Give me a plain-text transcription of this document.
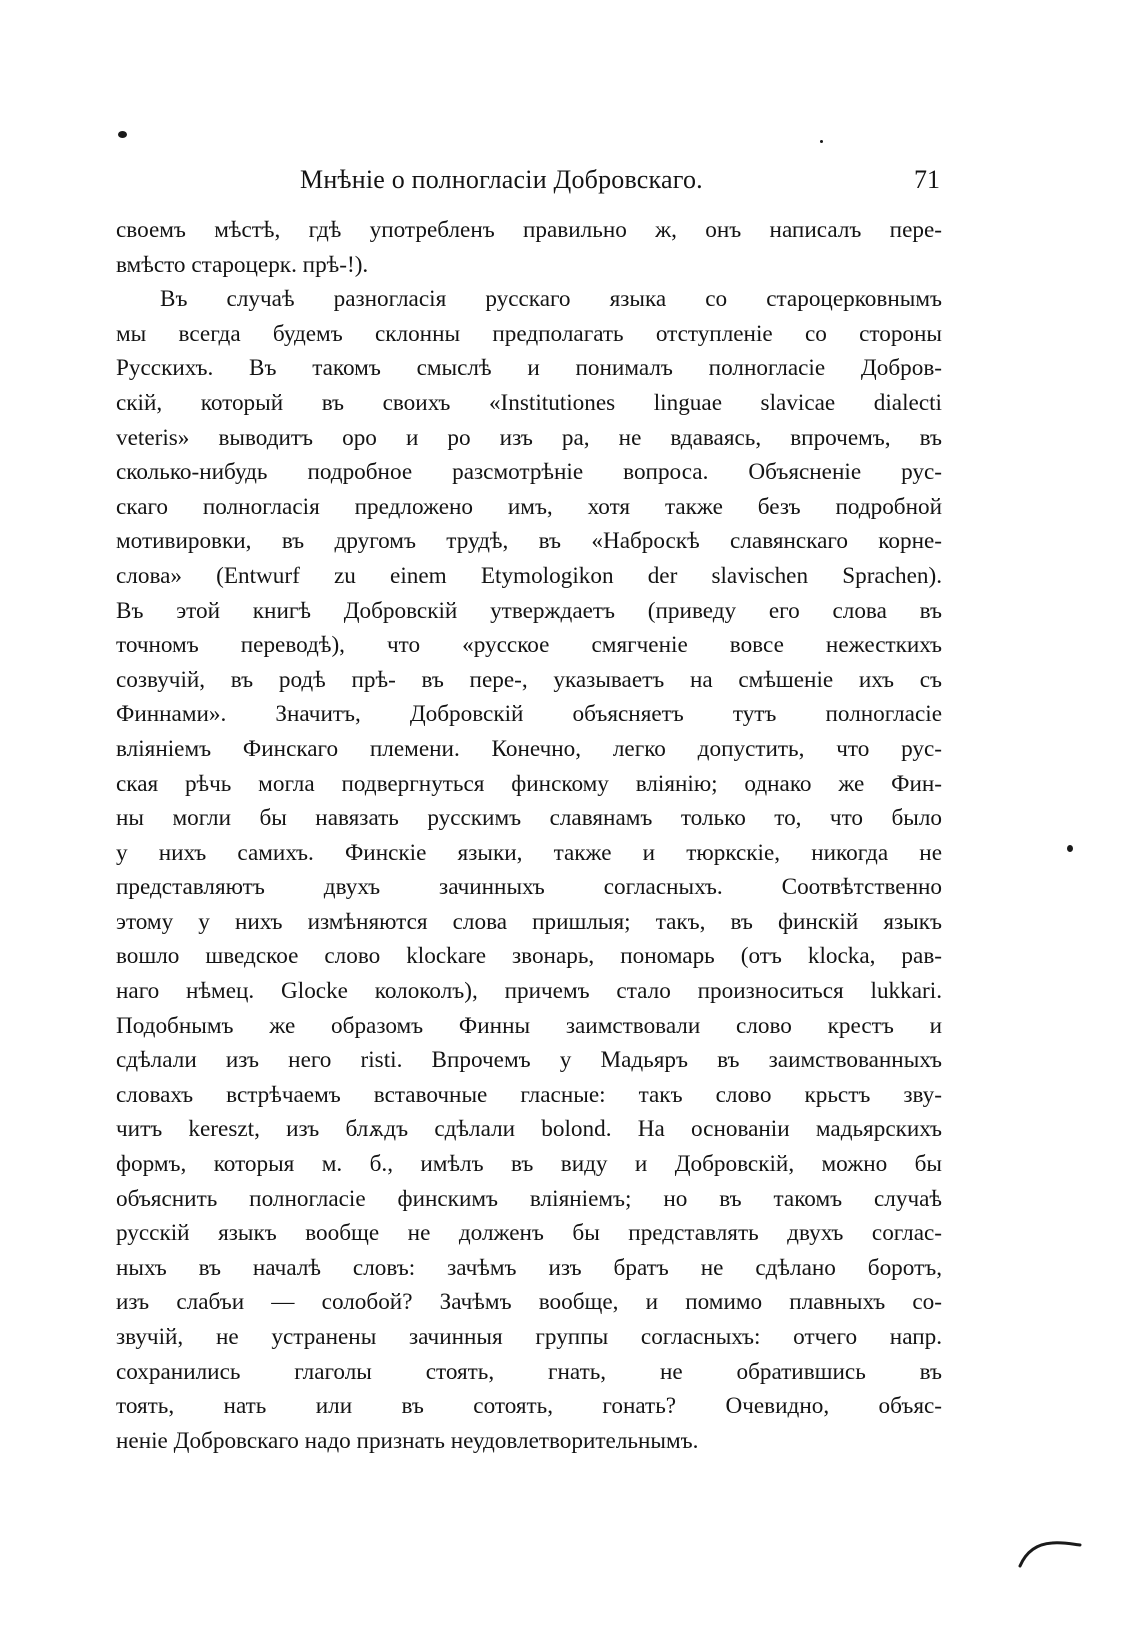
Мнѣніе о полногласіи Добровскаго.	71
своемъ мѣстѣ, гдѣ употребленъ правильно ж, онъ написалъ пере-
вмѣсто староцерк. прѣ-!).
Въ случаѣ разногласія русскаго языка со староцерковнымъ
мы всегда будемъ склонны предполагать отступленіе со стороны
Русскихъ. Въ такомъ смыслѣ и понималъ полногласіе Добров-
скій, который въ своихъ «Institutiones linguae slavicae dialecti
veteris» выводитъ оро и ро изъ ра, не вдаваясь, впрочемъ, въ
сколько-нибудь подробное разсмотрѣніе вопроса. Объясненіе рус-
скаго полногласія предложено имъ, хотя также безъ подробной
мотивировки, въ другомъ трудѣ, въ «Наброскѣ славянскаго корне-
слова» (Entwurf zu einem Etymologikon der slavischen Sprachen).
Въ этой книгѣ Добровскій утверждаетъ (приведу его слова въ
точномъ переводѣ), что «русское смягченіе вовсе нежесткихъ
созвучій, въ родѣ прѣ- въ пере-, указываетъ на смѣшеніе ихъ съ
Финнами». Значитъ, Добровскій объясняетъ тутъ полногласіе
вліяніемъ Финскаго племени. Конечно, легко допустить, что рус-
ская рѣчь могла подвергнуться финскому вліянію; однако же Фин-
ны могли бы навязать русскимъ славянамъ только то, что было
у нихъ самихъ. Финскіе языки, также и тюркскіе, никогда не
представляютъ двухъ зачинныхъ согласныхъ. Соотвѣтственно
этому у нихъ измѣняются слова пришлыя; такъ, въ финскій языкъ
вошло шведское слово klockare звонарь, пономарь (отъ klocka, рав-
наго нѣмец. Glocke колоколъ), причемъ стало произноситься lukkari.
Подобнымъ же образомъ Финны заимствовали слово крестъ и
сдѣлали изъ него risti. Впрочемъ у Мадьяръ въ заимствованныхъ
словахъ встрѣчаемъ вставочные гласные: такъ слово крьстъ зву-
читъ kereszt, изъ блѫдъ сдѣлали bolond. На основаніи мадьярскихъ
формъ, которыя м. б., имѣлъ въ виду и Добровскій, можно бы
объяснить полногласіе финскимъ вліяніемъ; но въ такомъ случаѣ
русскій языкъ вообще не долженъ бы представлять двухъ соглас-
ныхъ въ началѣ словъ: зачѣмъ изъ братъ не сдѣлано боротъ,
изъ слабъи — солобой? Зачѣмъ вообще, и помимо плавныхъ со-
звучій, не устранены зачинныя группы согласныхъ: отчего напр.
сохранились глаголы стоять, гнать, не обратившись въ
тоять, нать или въ сотоять, гонать? Очевидно, объяс-
неніе Добровскаго надо признать неудовлетворительнымъ.
